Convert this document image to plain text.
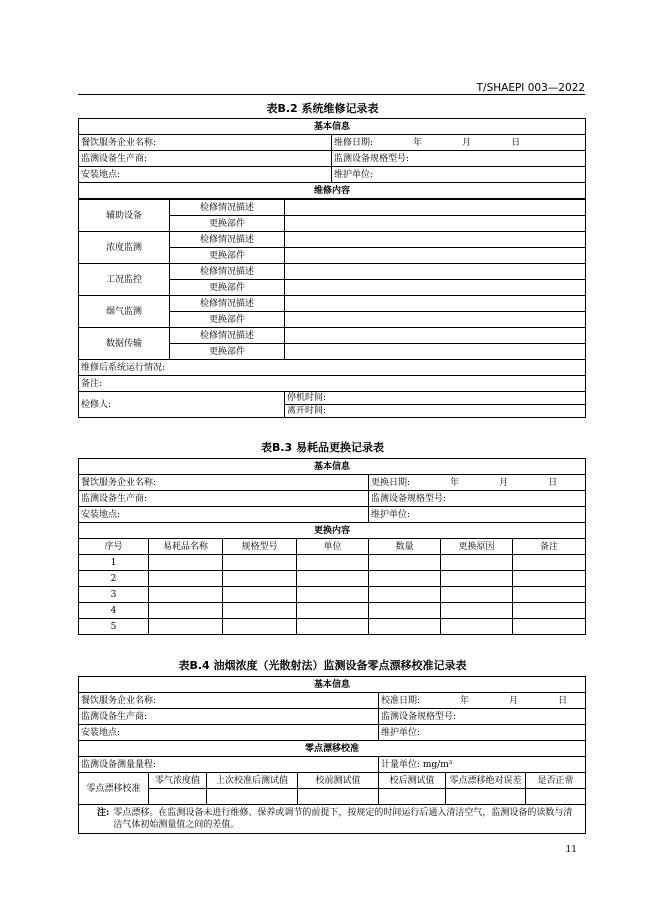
T/SHAEPI 003—2022
表B.2 系统维修记录表
基本信息	
餐饮服务企业名称:	维修日期: 年 月 日
监测设备生产商:	监测设备规格型号:
安装地点:	维护单位:
维修内容	
辅助设备	检修情况描述	
	更换部件	
浓度监测	检修情况描述	
	更换部件	
工况监控	检修情况描述	
	更换部件	
烟气监测	检修情况描述	
	更换部件	
数据传输	检修情况描述	
	更换部件	
维修后系统运行情况:		
备注:		
检修人:		停机时间:
		离开时间:
表B.3 易耗品更换记录表
基本信息						
餐饮服务企业名称:				更换日期: 年 月 日		
监测设备生产商:				监测设备规格型号:		
安装地点:				维护单位:		
更换内容						
序号	易耗品名称	规格型号	单位	数量	更换原因	备注
1						
2						
3						
4						
5						
表B.4 油烟浓度（光散射法）监测设备零点漂移校准记录表
基本信息						
餐饮服务企业名称:				校准日期: 年 月 日		
监测设备生产商:				监测设备规格型号:		
安装地点:				维护单位:		
零点漂移校准						
监测设备测量量程:				计量单位: mg/m³		
零点漂移校准	零气浓度值	上次校准后测试值	校前测试值	校后测试值	零点漂移绝对误差	是否正常

注: 零点漂移。在监测设备未进行维修、保养或调节的前提下，按规定的时间运行后通入清洁空气，监测设备的读数与清洁气体初始测量值之间的差值。						
11
